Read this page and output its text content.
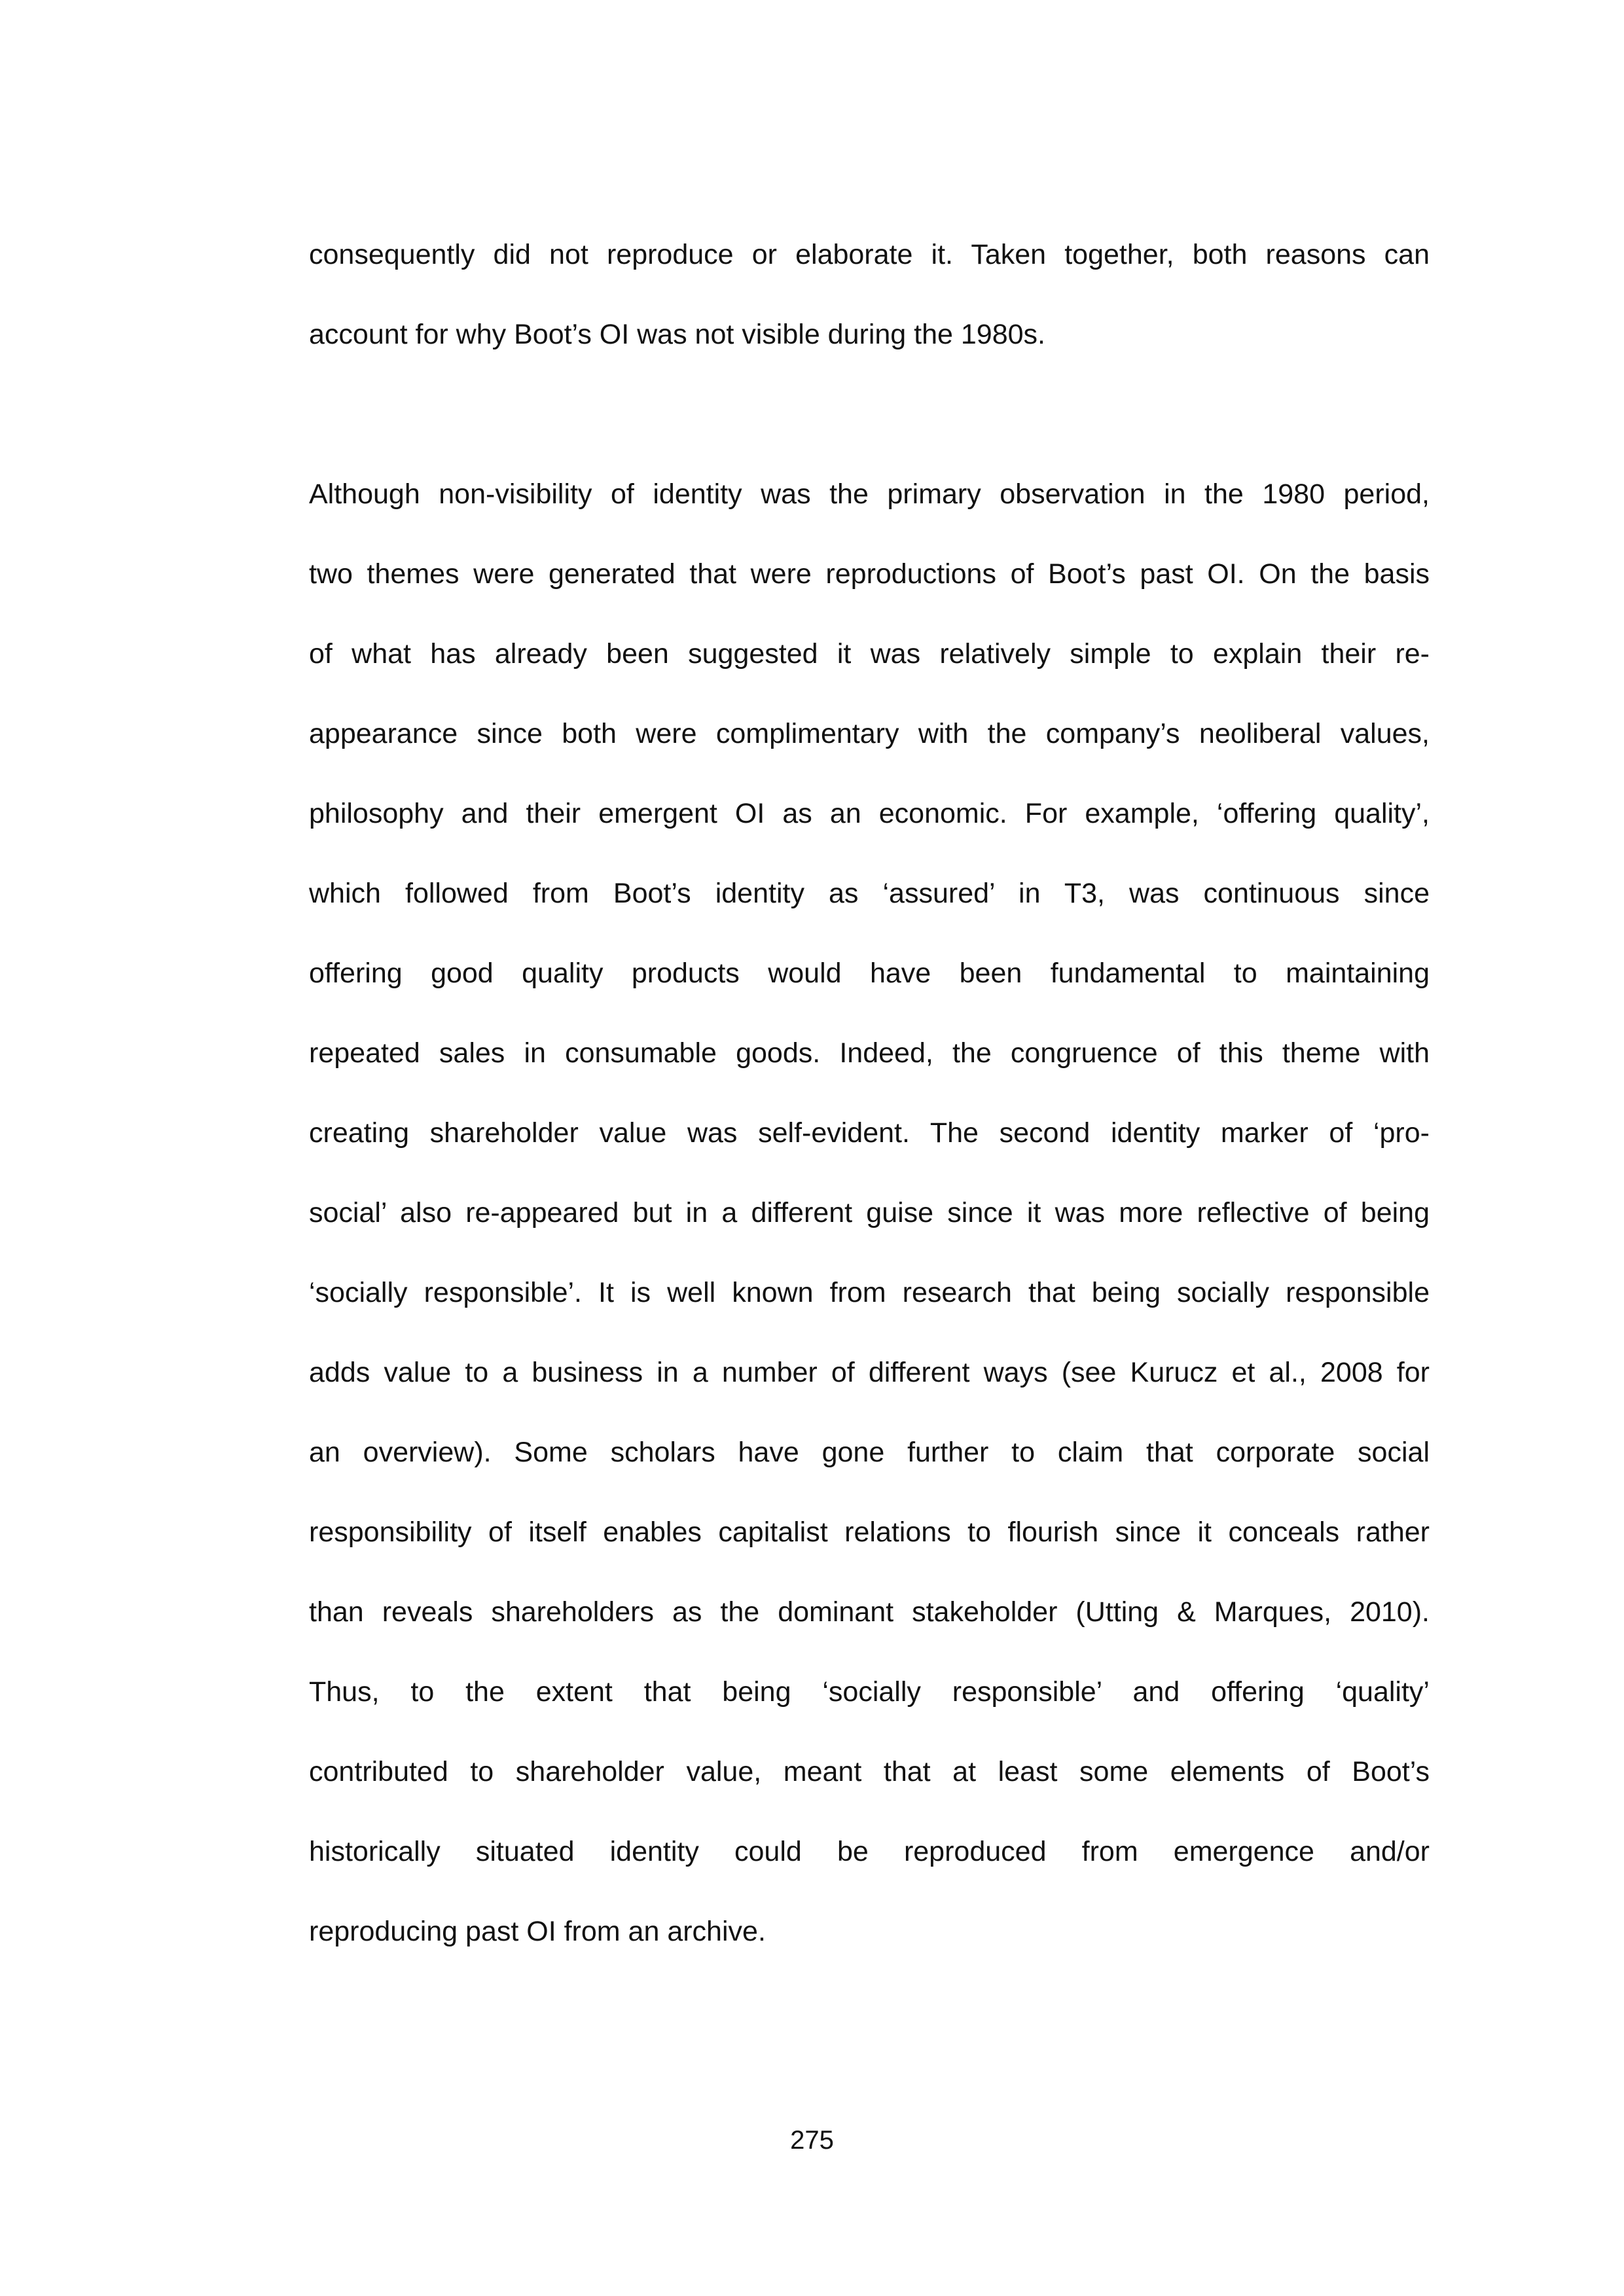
consequently did not reproduce or elaborate it. Taken together, both reasons can
account for why Boot’s OI was not visible during the 1980s.
Although non-visibility of identity was the primary observation in the 1980 period,
two themes were generated that were reproductions of Boot’s past OI. On the basis
of what has already been suggested it was relatively simple to explain their re-
appearance since both were complimentary with the company’s neoliberal values,
philosophy and their emergent OI as an economic. For example, ‘offering quality’,
which followed from Boot’s identity as ‘assured’ in T3, was continuous since
offering good quality products would have been fundamental to maintaining
repeated sales in consumable goods. Indeed, the congruence of this theme with
creating shareholder value was self-evident. The second identity marker of ‘pro-
social’ also re-appeared but in a different guise since it was more reflective of being
‘socially responsible’. It is well known from research that being socially responsible
adds value to a business in a number of different ways (see Kurucz et al., 2008 for
an overview). Some scholars have gone further to claim that corporate social
responsibility of itself enables capitalist relations to flourish since it conceals rather
than reveals shareholders as the dominant stakeholder (Utting & Marques, 2010).
Thus, to the extent that being ‘socially responsible’ and offering ‘quality’
contributed to shareholder value, meant that at least some elements of Boot’s
historically situated identity could be reproduced from emergence and/or
reproducing past OI from an archive.
275
